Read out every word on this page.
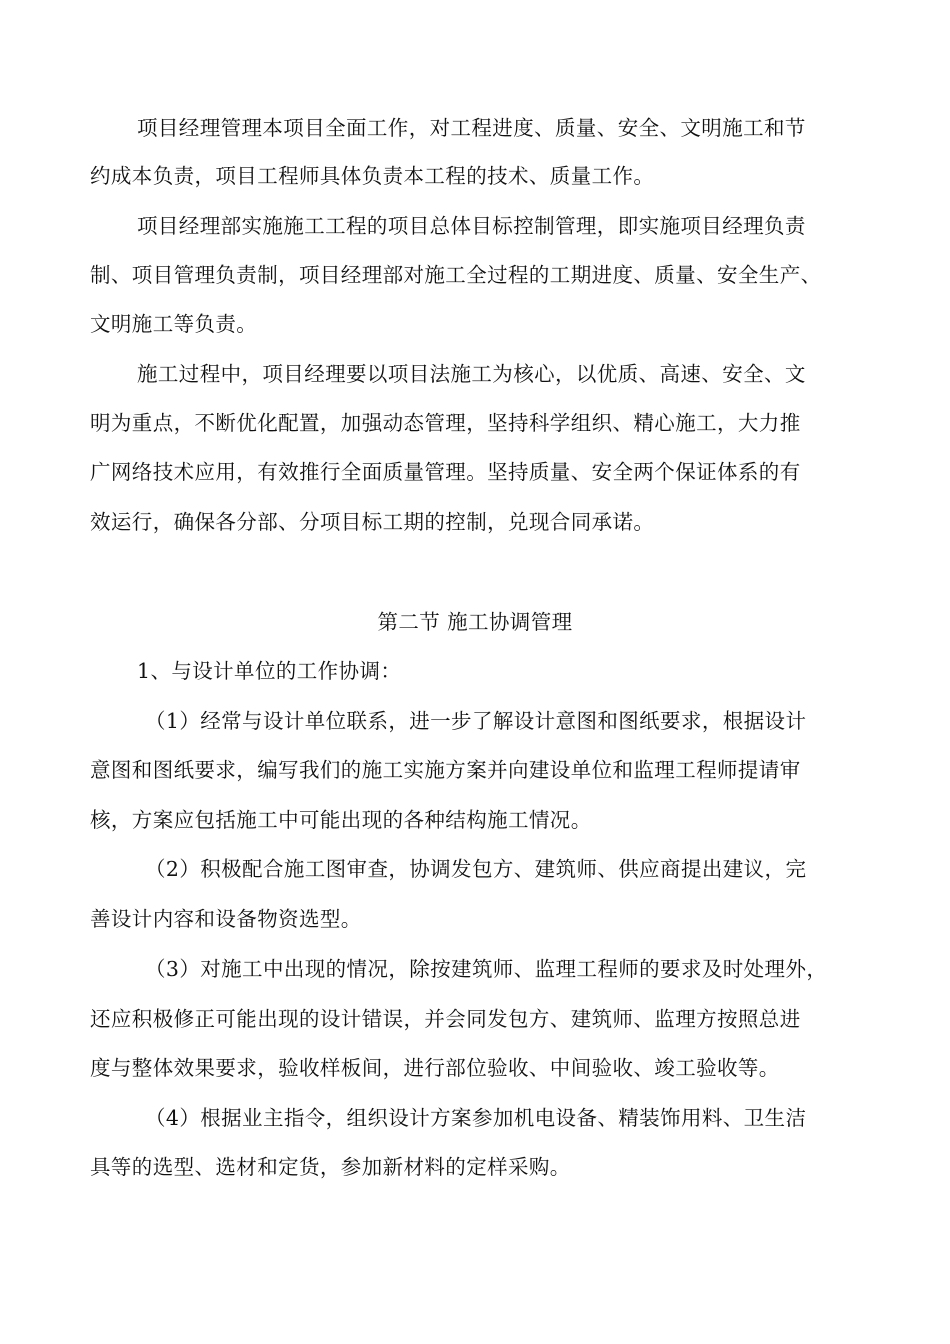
项目经理管理本项目全面工作，对工程进度、质量、安全、文明施工和节
约成本负责，项目工程师具体负责本工程的技术、质量工作。
项目经理部实施施工工程的项目总体目标控制管理，即实施项目经理负责
制、项目管理负责制，项目经理部对施工全过程的工期进度、质量、安全生产、
文明施工等负责。
施工过程中，项目经理要以项目法施工为核心，以优质、高速、安全、文
明为重点，不断优化配置，加强动态管理，坚持科学组织、精心施工，大力推
广网络技术应用，有效推行全面质量管理。坚持质量、安全两个保证体系的有
效运行，确保各分部、分项目标工期的控制，兑现合同承诺。
第二节 施工协调管理
1、与设计单位的工作协调：
（1）经常与设计单位联系，进一步了解设计意图和图纸要求，根据设计
意图和图纸要求，编写我们的施工实施方案并向建设单位和监理工程师提请审
核，方案应包括施工中可能出现的各种结构施工情况。
（2）积极配合施工图审查，协调发包方、建筑师、供应商提出建议，完
善设计内容和设备物资选型。
（3）对施工中出现的情况，除按建筑师、监理工程师的要求及时处理外，
还应积极修正可能出现的设计错误，并会同发包方、建筑师、监理方按照总进
度与整体效果要求，验收样板间，进行部位验收、中间验收、竣工验收等。
（4）根据业主指令，组织设计方案参加机电设备、精装饰用料、卫生洁
具等的选型、选材和定货，参加新材料的定样采购。
